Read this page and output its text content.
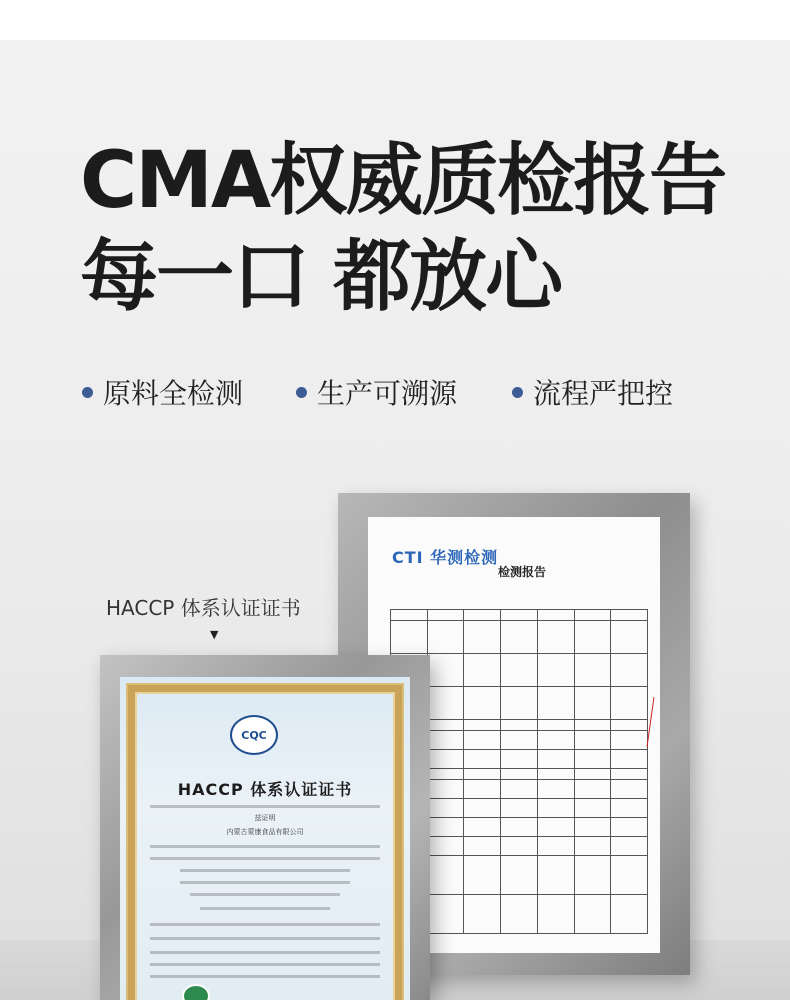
CMA权威质检报告
每一口 都放心
原料全检测	生产可溯源	流程严把控
HACCP 体系认证证书
▼
CTI 华测检测
检测报告

CQC
HACCP 体系认证证书
兹证明
内蒙古蒙康食品有限公司
